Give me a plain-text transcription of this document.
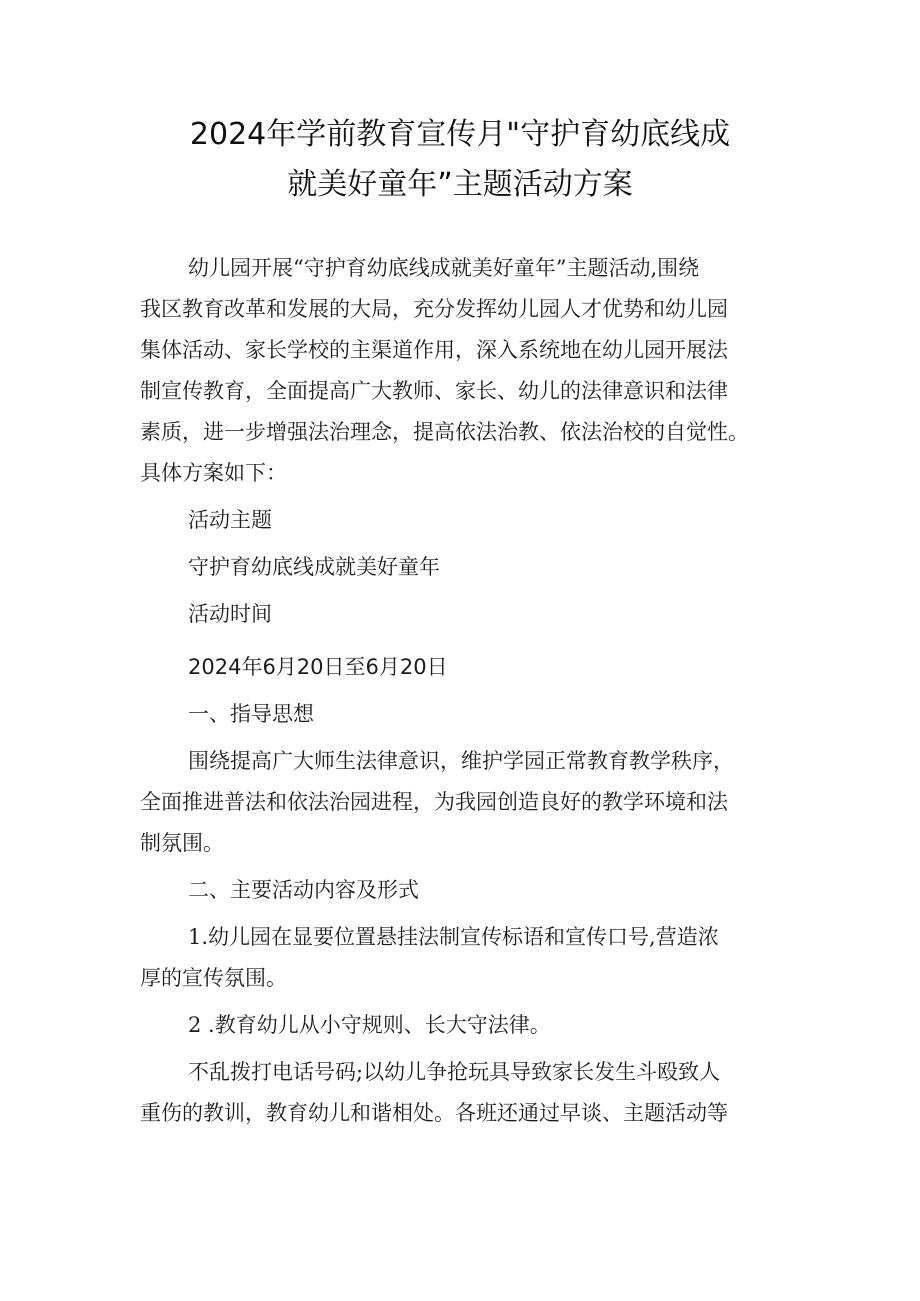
2024年学前教育宣传月"守护育幼底线成
就美好童年”主题活动方案

幼儿园开展“守护育幼底线成就美好童年”主题活动,围绕

我区教育改革和发展的大局，充分发挥幼儿园人才优势和幼儿园

集体活动、家长学校的主渠道作用，深入系统地在幼儿园开展法

制宣传教育，全面提高广大教师、家长、幼儿的法律意识和法律

素质，进一步增强法治理念，提高依法治教、依法治校的自觉性。

具体方案如下：

活动主题

守护育幼底线成就美好童年

活动时间

2024年6月20日至6月20日

一、指导思想

围绕提高广大师生法律意识，维护学园正常教育教学秩序，

全面推进普法和依法治园进程，为我园创造良好的教学环境和法

制氛围。

二、主要活动内容及形式

1.幼儿园在显要位置悬挂法制宣传标语和宣传口号,营造浓

厚的宣传氛围。

2 .教育幼儿从小守规则、长大守法律。

不乱拨打电话号码;以幼儿争抢玩具导致家长发生斗殴致人

重伤的教训，教育幼儿和谐相处。各班还通过早谈、主题活动等
